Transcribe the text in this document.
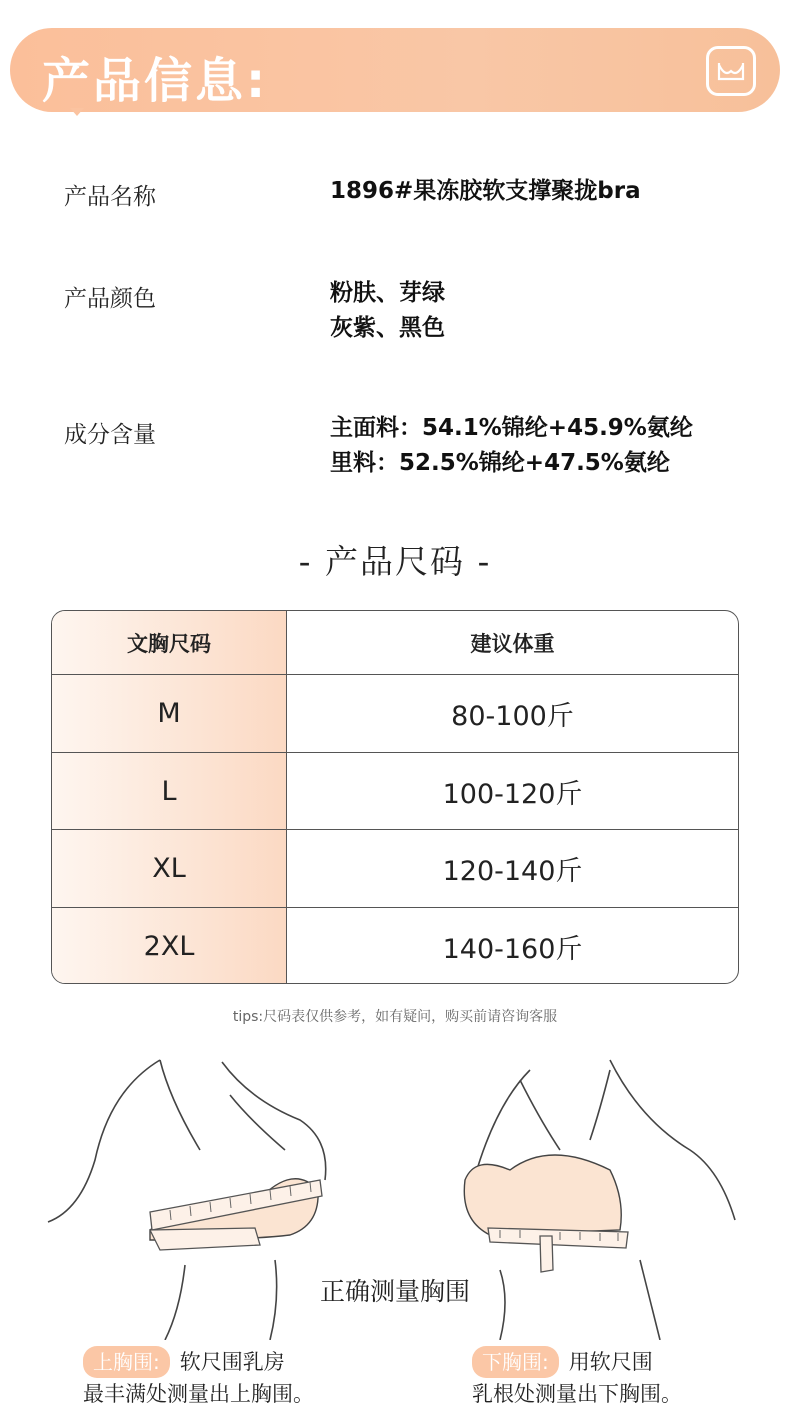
产品信息:
产品名称	1896#果冻胶软支撑聚拢bra
产品颜色	粉肤、芽绿
灰紫、黑色
成分含量	主面料：54.1%锦纶+45.9%氨纶
里料：52.5%锦纶+47.5%氨纶
- 产品尺码 -
文胸尺码	建议体重
M	80-100斤
L	100-120斤
XL	120-140斤
2XL	140-160斤
tips:尺码表仅供参考，如有疑问，购买前请咨询客服
正确测量胸围
上胸围: 软尺围乳房
最丰满处测量出上胸围。
下胸围: 用软尺围
乳根处测量出下胸围。
